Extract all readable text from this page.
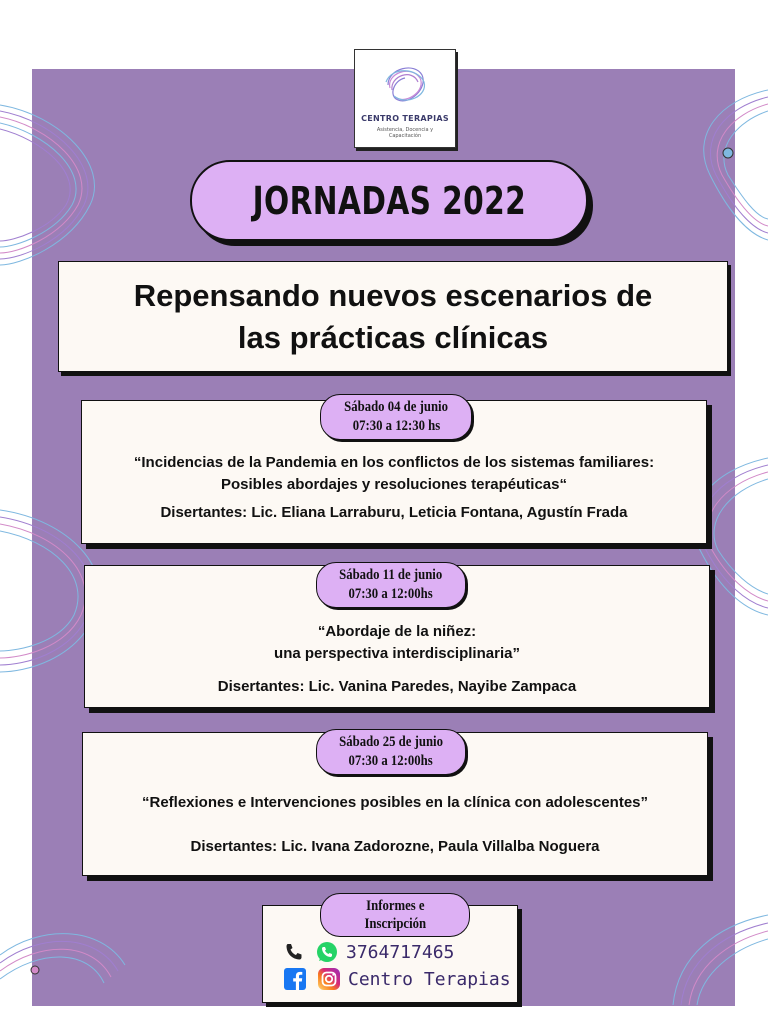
CENTRO TERAPIAS
Asistencia, Docencia y Capacitación
JORNADAS 2022
Repensando nuevos escenarios de
las prácticas clínicas
“Incidencias de la Pandemia en los conflictos de los sistemas familiares:
Posibles abordajes y resoluciones terapéuticas“
Disertantes: Lic. Eliana Larraburu, Leticia Fontana, Agustín Frada
Sábado 04 de junio
07:30 a 12:30 hs
“Abordaje de la niñez:
una perspectiva interdisciplinaria”
Disertantes: Lic. Vanina Paredes, Nayibe Zampaca
Sábado 11 de junio
07:30 a 12:00hs
“Reflexiones e Intervenciones posibles en la clínica con adolescentes”
Disertantes: Lic. Ivana Zadorozne, Paula Villalba Noguera
Sábado 25 de junio
07:30 a 12:00hs
Informes e
Inscripción
3764717465
Centro Terapias
